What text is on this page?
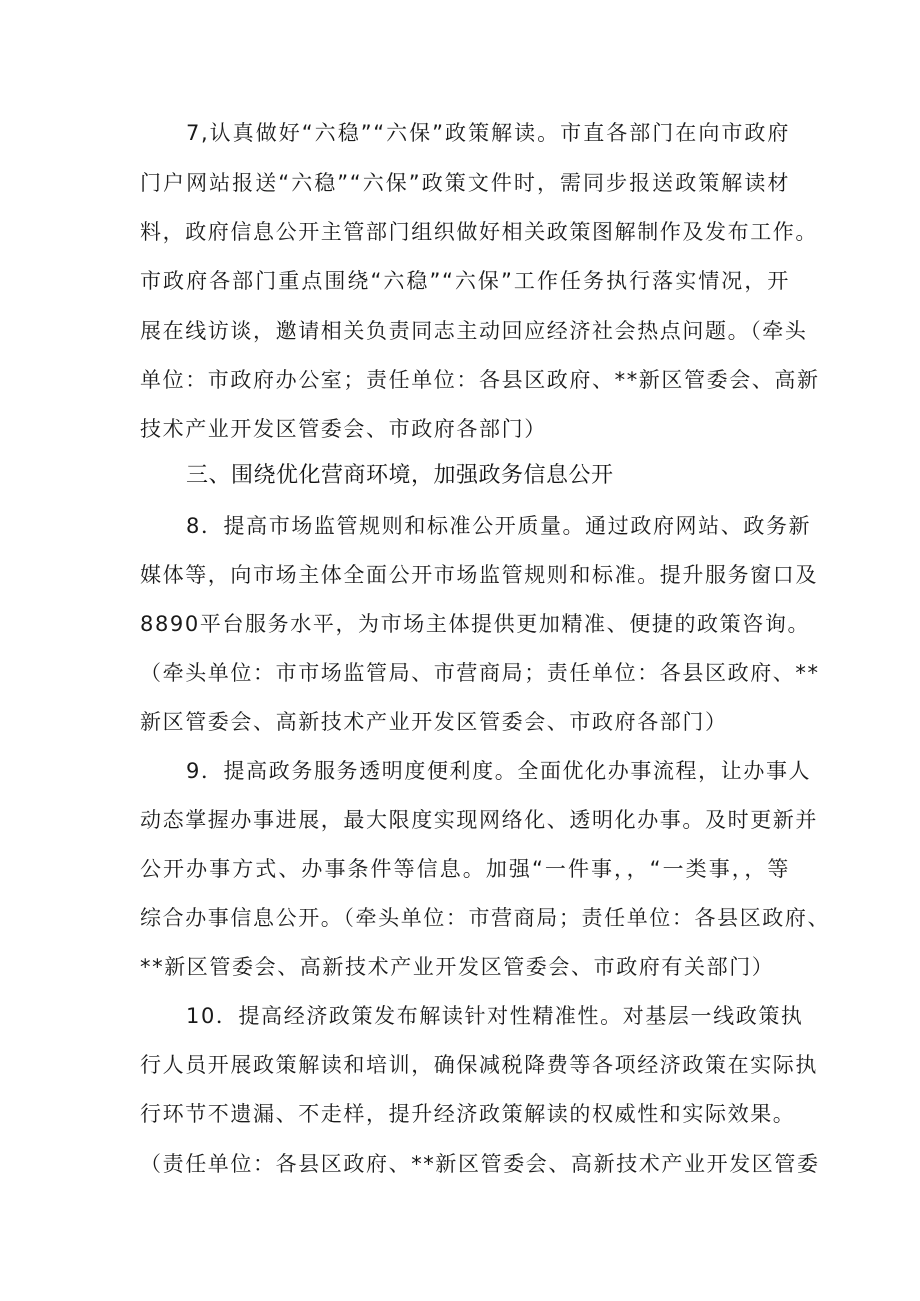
7,认真做好“六稳”“六保”政策解读。市直各部门在向市政府
门户网站报送“六稳”“六保”政策文件时，需同步报送政策解读材
料，政府信息公开主管部门组织做好相关政策图解制作及发布工作。
市政府各部门重点围绕“六稳”“六保”工作任务执行落实情况，开
展在线访谈，邀请相关负责同志主动回应经济社会热点问题。（牵头
单位：市政府办公室；责任单位：各县区政府、**新区管委会、高新
技术产业开发区管委会、市政府各部门）
三、围绕优化营商环境，加强政务信息公开
8．提高市场监管规则和标准公开质量。通过政府网站、政务新
媒体等，向市场主体全面公开市场监管规则和标准。提升服务窗口及
8890平台服务水平，为市场主体提供更加精准、便捷的政策咨询。
（牵头单位：市市场监管局、市营商局；责任单位：各县区政府、**
新区管委会、高新技术产业开发区管委会、市政府各部门）
9．提高政务服务透明度便利度。全面优化办事流程，让办事人
动态掌握办事进展，最大限度实现网络化、透明化办事。及时更新并
公开办事方式、办事条件等信息。加强“一件事，，“一类事，，等
综合办事信息公开。（牵头单位：市营商局；责任单位：各县区政府、
**新区管委会、高新技术产业开发区管委会、市政府有关部门）
10．提高经济政策发布解读针对性精准性。对基层一线政策执
行人员开展政策解读和培训，确保减税降费等各项经济政策在实际执
行环节不遗漏、不走样，提升经济政策解读的权威性和实际效果。
（责任单位：各县区政府、**新区管委会、高新技术产业开发区管委
